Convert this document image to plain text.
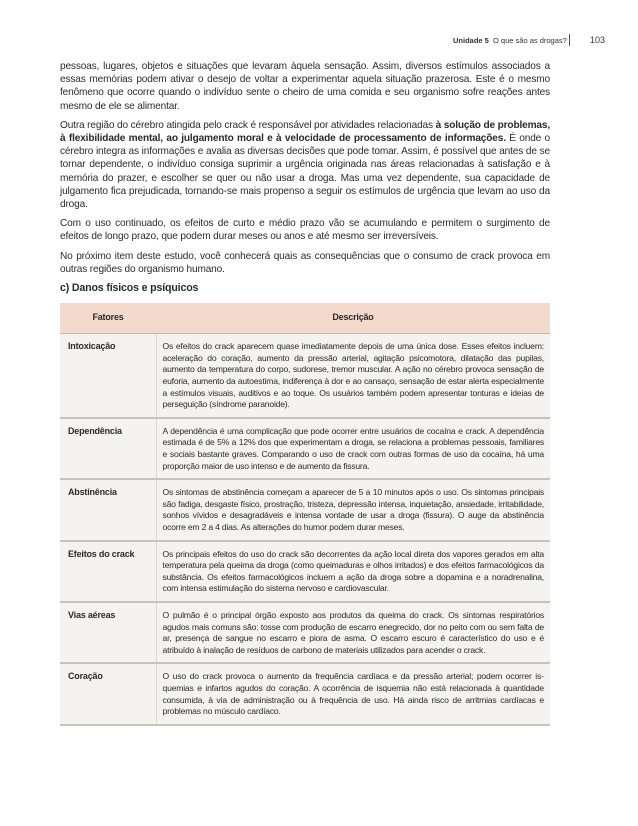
Unidade 5 O que são as drogas?	103

pessoas, lugares, objetos e situações que levaram àquela sensação. Assim, diversos estímulos associados a essas memórias podem ativar o desejo de voltar a experimentar aquela situação prazerosa. Este é o mesmo fenômeno que ocorre quando o indivíduo sente o cheiro de uma comida e seu organismo sofre reações antes mesmo de ele se alimentar.

Outra região do cérebro atingida pelo crack é responsável por atividades relacionadas à solução de problemas, à flexibilidade mental, ao julgamento moral e à velocidade de processamento de informações. É onde o cérebro integra as informações e avalia as diversas decisões que pode tomar. Assim, é possível que antes de se tornar dependente, o indivíduo consiga suprimir a urgência originada nas áreas relacionadas à satisfação e à memória do prazer, e escolher se quer ou não usar a droga. Mas uma vez dependente, sua capacidade de julgamento fica prejudicada, tornando-se mais propenso a seguir os estímulos de urgência que levam ao uso da droga.

Com o uso continuado, os efeitos de curto e médio prazo vão se acumulando e permitem o surgimento de efeitos de longo prazo, que podem durar meses ou anos e até mesmo ser irreversíveis.

No próximo item deste estudo, você conhecerá quais as consequências que o consumo de crack provoca em outras regiões do organismo humano.

c) Danos físicos e psíquicos
Fatores	Descrição
Intoxicação	Os efeitos do crack aparecem quase imediatamente depois de uma única dose. Esses efeitos incluem: aceleração do coração, aumento da pressão arterial, agitação psicomotora, dilatação das pupilas, aumento da temperatura do corpo, sudorese, tremor muscular. A ação no cérebro provoca sensação de euforia, aumento da autoestima, indiferença à dor e ao cansaço, sensação de estar alerta especialmente a estímulos visuais, auditivos e ao toque. Os usuários também podem apresentar tonturas e ideias de perseguição (síndrome paranoide).
Dependência	A dependência é uma complicação que pode ocorrer entre usuários de cocaína e crack. A dependência estimada é de 5% a 12% dos que experimentam a droga, se relaciona a problemas pessoais, familiares e sociais bastante graves. Comparando o uso de crack com outras formas de uso da cocaína, há uma proporção maior de uso intenso e de aumento da fissura.
Abstinência	Os sintomas de abstinência começam a aparecer de 5 a 10 minutos após o uso. Os sintomas principais são fadiga, desgaste físico, prostração, tristeza, depressão intensa, inquietação, ansiedade, irritabilidade, sonhos vívidos e desagradáveis e intensa vontade de usar a droga (fissura). O auge da abstinência ocorre em 2 a 4 dias. As alterações do humor podem durar meses.
Efeitos do crack	Os principais efeitos do uso do crack são decorrentes da ação local direta dos vapores gerados em alta temperatura pela queima da droga (como queimaduras e olhos irritados) e dos efeitos farmacológicos da substância. Os efeitos farmacológicos incluem a ação da droga sobre a dopamina e a noradrenalina, com intensa estimulação do sistema nervoso e cardiovascular.
Vias aéreas	O pulmão é o principal órgão exposto aos produtos da queima do crack. Os sintomas respiratórios agudos mais comuns são: tosse com produção de escarro enegrecido, dor no peito com ou sem falta de ar, presença de sangue no escarro e piora de asma. O escarro escuro é característico do uso e é atribuído à inalação de resíduos de carbono de materiais utilizados para acender o crack.
Coração	O uso do crack provoca o aumento da frequência cardíaca e da pressão arterial; podem ocorrer isquemias e infartos agudos do coração. A ocorrência de isquemia não está relacionada à quantidade consumida, à via de administração ou à frequência de uso. Há ainda risco de arritmias cardíacas e problemas no músculo cardíaco.
